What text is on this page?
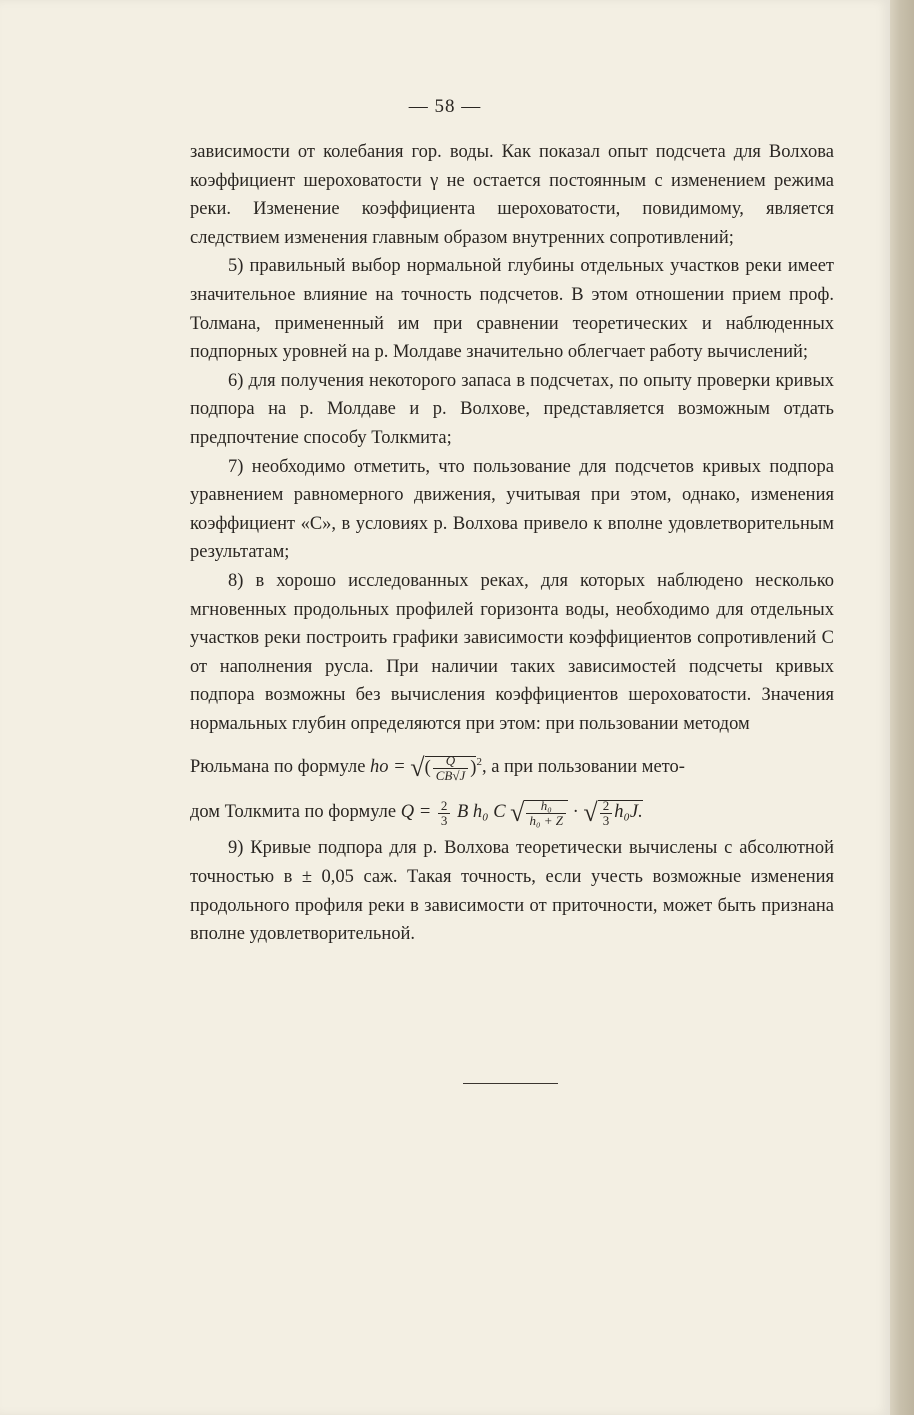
— 58 —

зависимости от колебания гор. воды. Как показал опыт подсчета для Волхова коэффициент шероховатости γ не остается постоянным с изменением режима реки. Изменение коэффициента шероховатости, повидимому, является следствием изменения главным образом внутренних сопротивлений;

5) правильный выбор нормальной глубины отдельных участков реки имеет значительное влияние на точность подсчетов. В этом отношении прием проф. Толмана, примененный им при сравнении теоретических и наблюденных подпорных уровней на р. Молдаве значительно облегчает работу вычислений;

6) для получения некоторого запаса в подсчетах, по опыту проверки кривых подпора на р. Молдаве и р. Волхове, представляется возможным отдать предпочтение способу Толкмита;

7) необходимо отметить, что пользование для подсчетов кривых подпора уравнением равномерного движения, учитывая при этом, однако, изменения коэффициент «C», в условиях р. Волхова привело к вполне удовлетворительным результатам;

8) в хорошо исследованных реках, для которых наблюдено несколько мгновенных продольных профилей горизонта воды, необходимо для отдельных участков реки построить графики зависимости коэффициентов сопротивлений C от наполнения русла. При наличии таких зависимостей подсчеты кривых подпора возможны без вычисления коэффициентов шероховатости. Значения нормальных глубин определяются при этом: при пользовании методом

Рюльмана по формуле ho = √( $\frac{Q}{CB√J} )^2$, а при пользовании мето-

дом Толкмита по формуле $Q = \frac{2}{3}$ B h₀ C √ $\frac{\text{h₀}}{\text{h₀ + Z}}$ · √ $\frac{2}{3} h_0J$.

9) Кривые подпора для р. Волхова теоретически вычислены с абсолютной точностью в ± 0,05 саж. Такая точность, если учесть возможные изменения продольного профиля реки в зависимости от приточности, может быть признана вполне удовлетворительной.
